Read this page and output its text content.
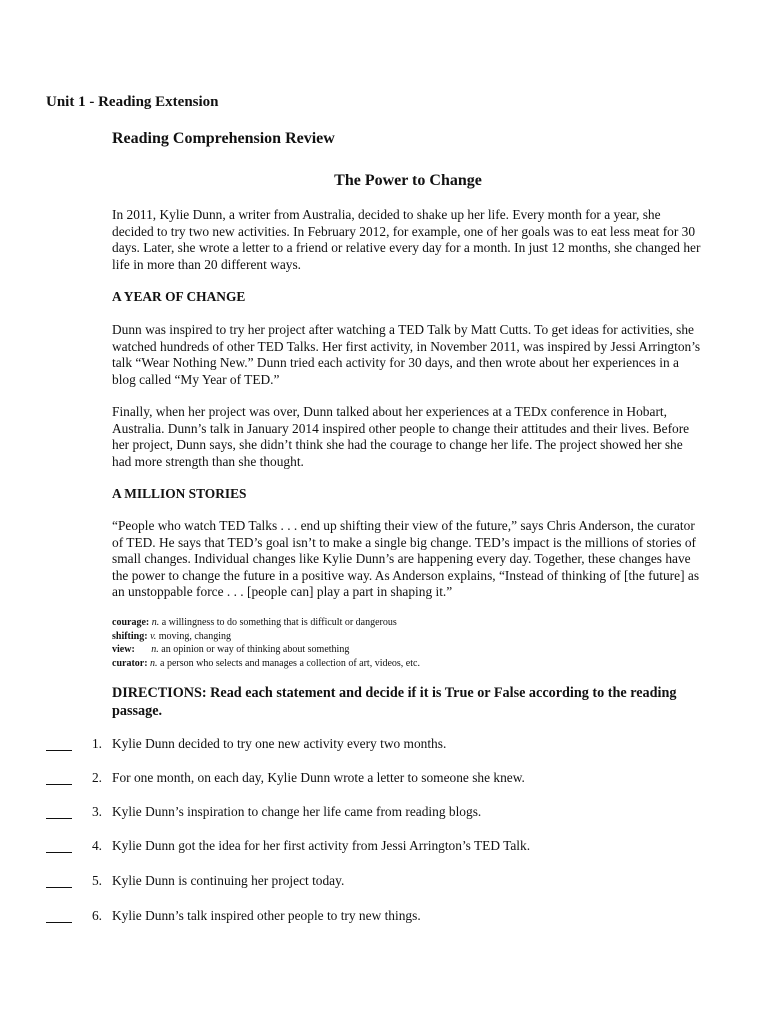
Unit 1 - Reading Extension
Reading Comprehension Review
The Power to Change

In 2011, Kylie Dunn, a writer from Australia, decided to shake up her life. Every month for a year, she decided to try two new activities. In February 2012, for example, one of her goals was to eat less meat for 30 days. Later, she wrote a letter to a friend or relative every day for a month. In just 12 months, she changed her life in more than 20 different ways.

A YEAR OF CHANGE

Dunn was inspired to try her project after watching a TED Talk by Matt Cutts. To get ideas for activities, she watched hundreds of other TED Talks. Her first activity, in November 2011, was inspired by Jessi Arrington’s talk “Wear Nothing New.” Dunn tried each activity for 30 days, and then wrote about her experiences in a blog called “My Year of TED.”

Finally, when her project was over, Dunn talked about her experiences at a TEDx conference in Hobart, Australia. Dunn’s talk in January 2014 inspired other people to change their attitudes and their lives. Before her project, Dunn says, she didn’t think she had the courage to change her life. The project showed her she had more strength than she thought.

A MILLION STORIES

“People who watch TED Talks . . . end up shifting their view of the future,” says Chris Anderson, the curator of TED. He says that TED’s goal isn’t to make a single big change. TED’s impact is the millions of stories of small changes. Individual changes like Kylie Dunn’s are happening every day. Together, these changes have the power to change the future in a positive way. As Anderson explains, “Instead of thinking of [the future] as an unstoppable force . . . [people can] play a part in shaping it.”

courage: n. a willingness to do something that is difficult or dangerous
shifting: v. moving, changing
view: n. an opinion or way of thinking about something
curator: n. a person who selects and manages a collection of art, videos, etc.

DIRECTIONS: Read each statement and decide if it is True or False according to the reading passage.

1. Kylie Dunn decided to try one new activity every two months.
2. For one month, on each day, Kylie Dunn wrote a letter to someone she knew.
3. Kylie Dunn’s inspiration to change her life came from reading blogs.
4. Kylie Dunn got the idea for her first activity from Jessi Arrington’s TED Talk.
5. Kylie Dunn is continuing her project today.
6. Kylie Dunn’s talk inspired other people to try new things.
